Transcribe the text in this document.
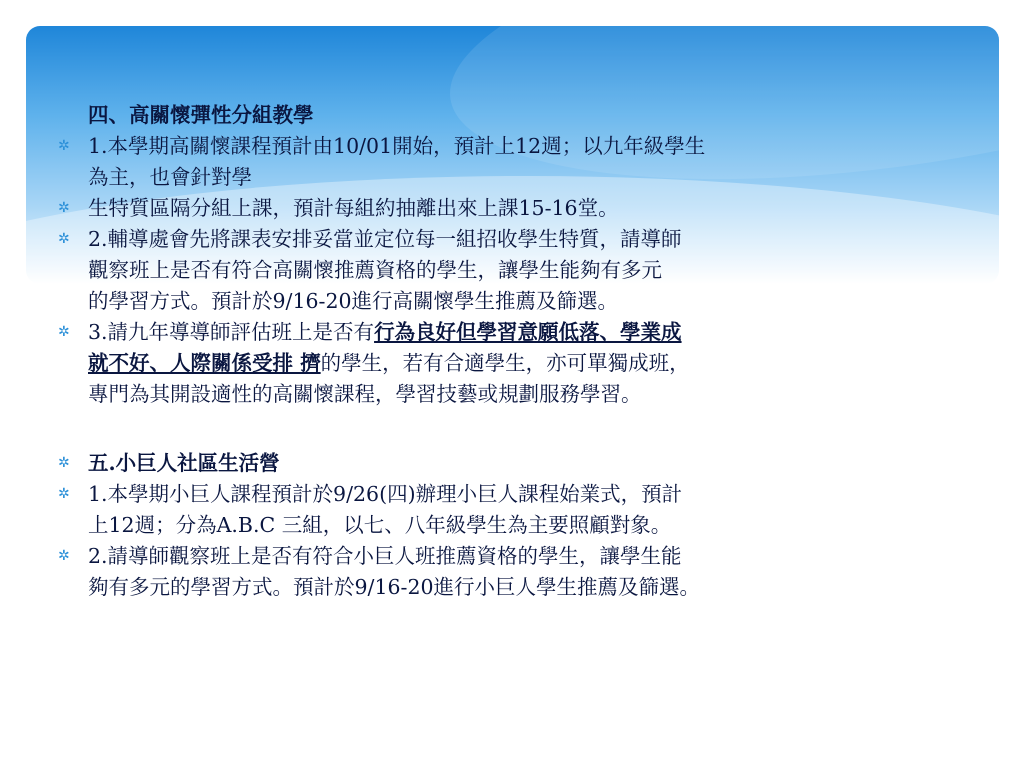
四、高關懷彈性分組教學
✲ 1.本學期高關懷課程預計由10/01開始，預計上12週；以九年級學生
為主，也會針對學
✲ 生特質區隔分組上課，預計每組約抽離出來上課15-16堂。
✲ 2.輔導處會先將課表安排妥當並定位每一組招收學生特質，請導師
觀察班上是否有符合高關懷推薦資格的學生，讓學生能夠有多元
的學習方式。預計於9/16-20進行高關懷學生推薦及篩選。
✲ 3.請九年導導師評估班上是否有行為良好但學習意願低落、學業成
就不好、人際關係受排 擠的學生，若有合適學生，亦可單獨成班，
專門為其開設適性的高關懷課程，學習技藝或規劃服務學習。
✲ 五.小巨人社區生活營
✲ 1.本學期小巨人課程預計於9/26(四)辦理小巨人課程始業式，預計
上12週；分為A.B.C 三組，以七、八年級學生為主要照顧對象。
✲ 2.請導師觀察班上是否有符合小巨人班推薦資格的學生，讓學生能
夠有多元的學習方式。預計於9/16-20進行小巨人學生推薦及篩選。
